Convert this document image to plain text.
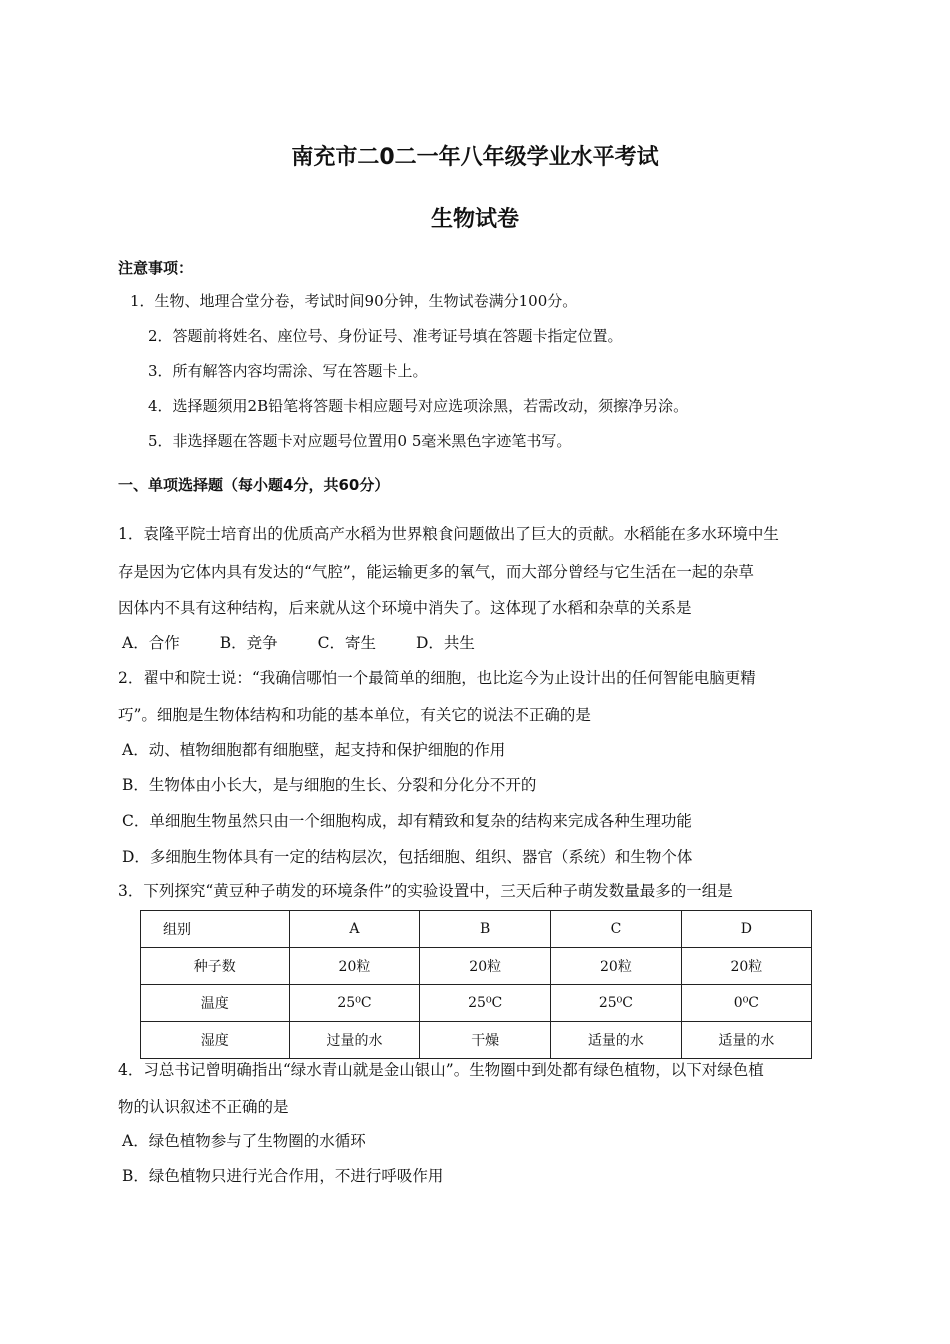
南充市二0二一年八年级学业水平考试
生物试卷
注意事项：
1．生物、地理合堂分卷，考试时间90分钟，生物试卷满分100分。
2．答题前将姓名、座位号、身份证号、准考证号填在答题卡指定位置。
3．所有解答内容均需涂、写在答题卡上。
4．选择题须用2B铅笔将答题卡相应题号对应选项涂黑，若需改动，须擦净另涂。
5．非选择题在答题卡对应题号位置用0 5毫米黑色字迹笔书写。
一、单项选择题（每小题4分，共60分）
1．袁隆平院士培育出的优质高产水稻为世界粮食问题做出了巨大的贡献。水稻能在多水环境中生
存是因为它体内具有发达的“气腔”，能运输更多的氧气，而大部分曾经与它生活在一起的杂草
因体内不具有这种结构，后来就从这个环境中消失了。这体现了水稻和杂草的关系是
A．合作	B．竞争	C．寄生	D．共生
2．翟中和院士说：“我确信哪怕一个最简单的细胞，也比迄今为止设计出的任何智能电脑更精
巧”。细胞是生物体结构和功能的基本单位，有关它的说法不正确的是
A．动、植物细胞都有细胞壁，起支持和保护细胞的作用
B．生物体由小长大，是与细胞的生长、分裂和分化分不开的
C．单细胞生物虽然只由一个细胞构成，却有精致和复杂的结构来完成各种生理功能
D．多细胞生物体具有一定的结构层次，包括细胞、组织、器官（系统）和生物个体
3．下列探究“黄豆种子萌发的环境条件”的实验设置中，三天后种子萌发数量最多的一组是
组别	A	B	C	D
种子数	20粒	20粒	20粒	20粒
温度	25⁰C	25⁰C	25⁰C	0⁰C
湿度	过量的水	干燥	适量的水	适量的水
4．习总书记曾明确指出“绿水青山就是金山银山”。生物圈中到处都有绿色植物，以下对绿色植
物的认识叙述不正确的是
A．绿色植物参与了生物圈的水循环
B．绿色植物只进行光合作用，不进行呼吸作用
